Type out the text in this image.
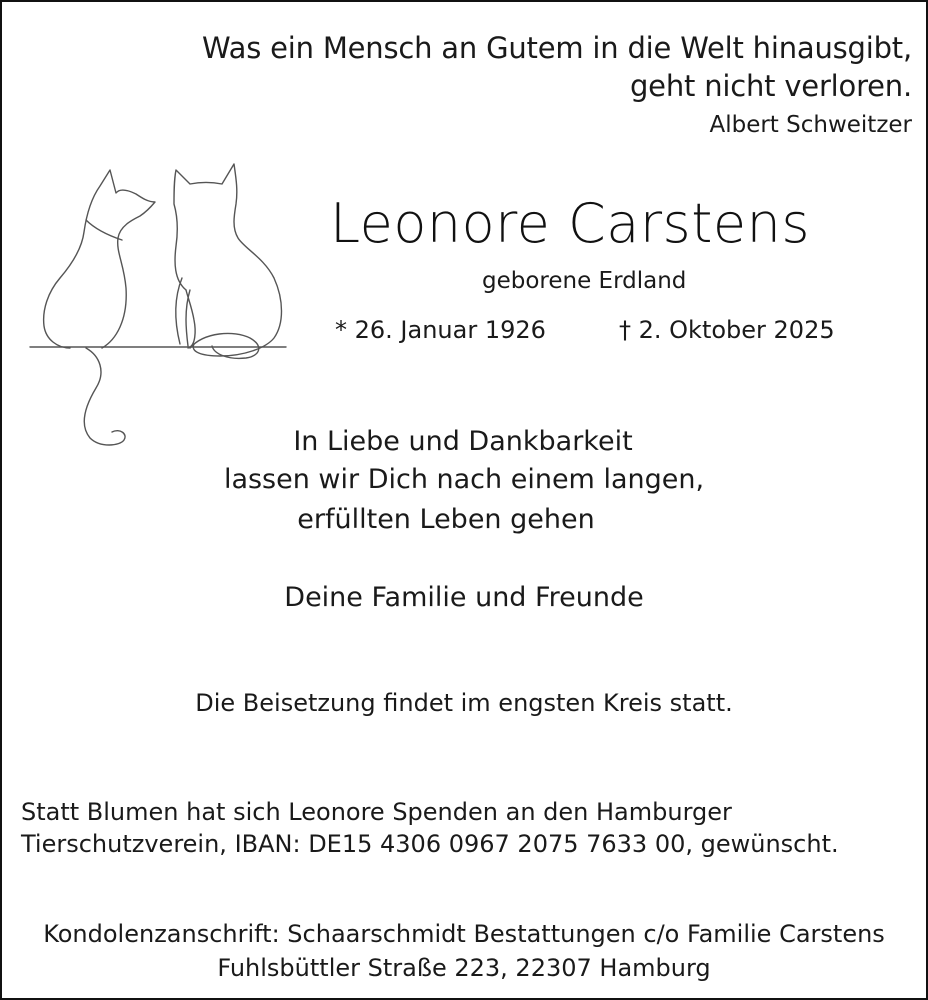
Was ein Mensch an Gutem in die Welt hinausgibt,
geht nicht verloren.
Albert Schweitzer
Leonore Carstens
geborene Erdland
* 26. Januar 1926	† 2. Oktober 2025
In Liebe und Dankbarkeit
lassen wir Dich nach einem langen,
erfüllten Leben gehen
Deine Familie und Freunde
Die Beisetzung findet im engsten Kreis statt.
Statt Blumen hat sich Leonore Spenden an den Hamburger
Tierschutzverein, IBAN: DE15 4306 0967 2075 7633 00, gewünscht.
Kondolenzanschrift: Schaarschmidt Bestattungen c/o Familie Carstens
Fuhlsbüttler Straße 223, 22307 Hamburg
